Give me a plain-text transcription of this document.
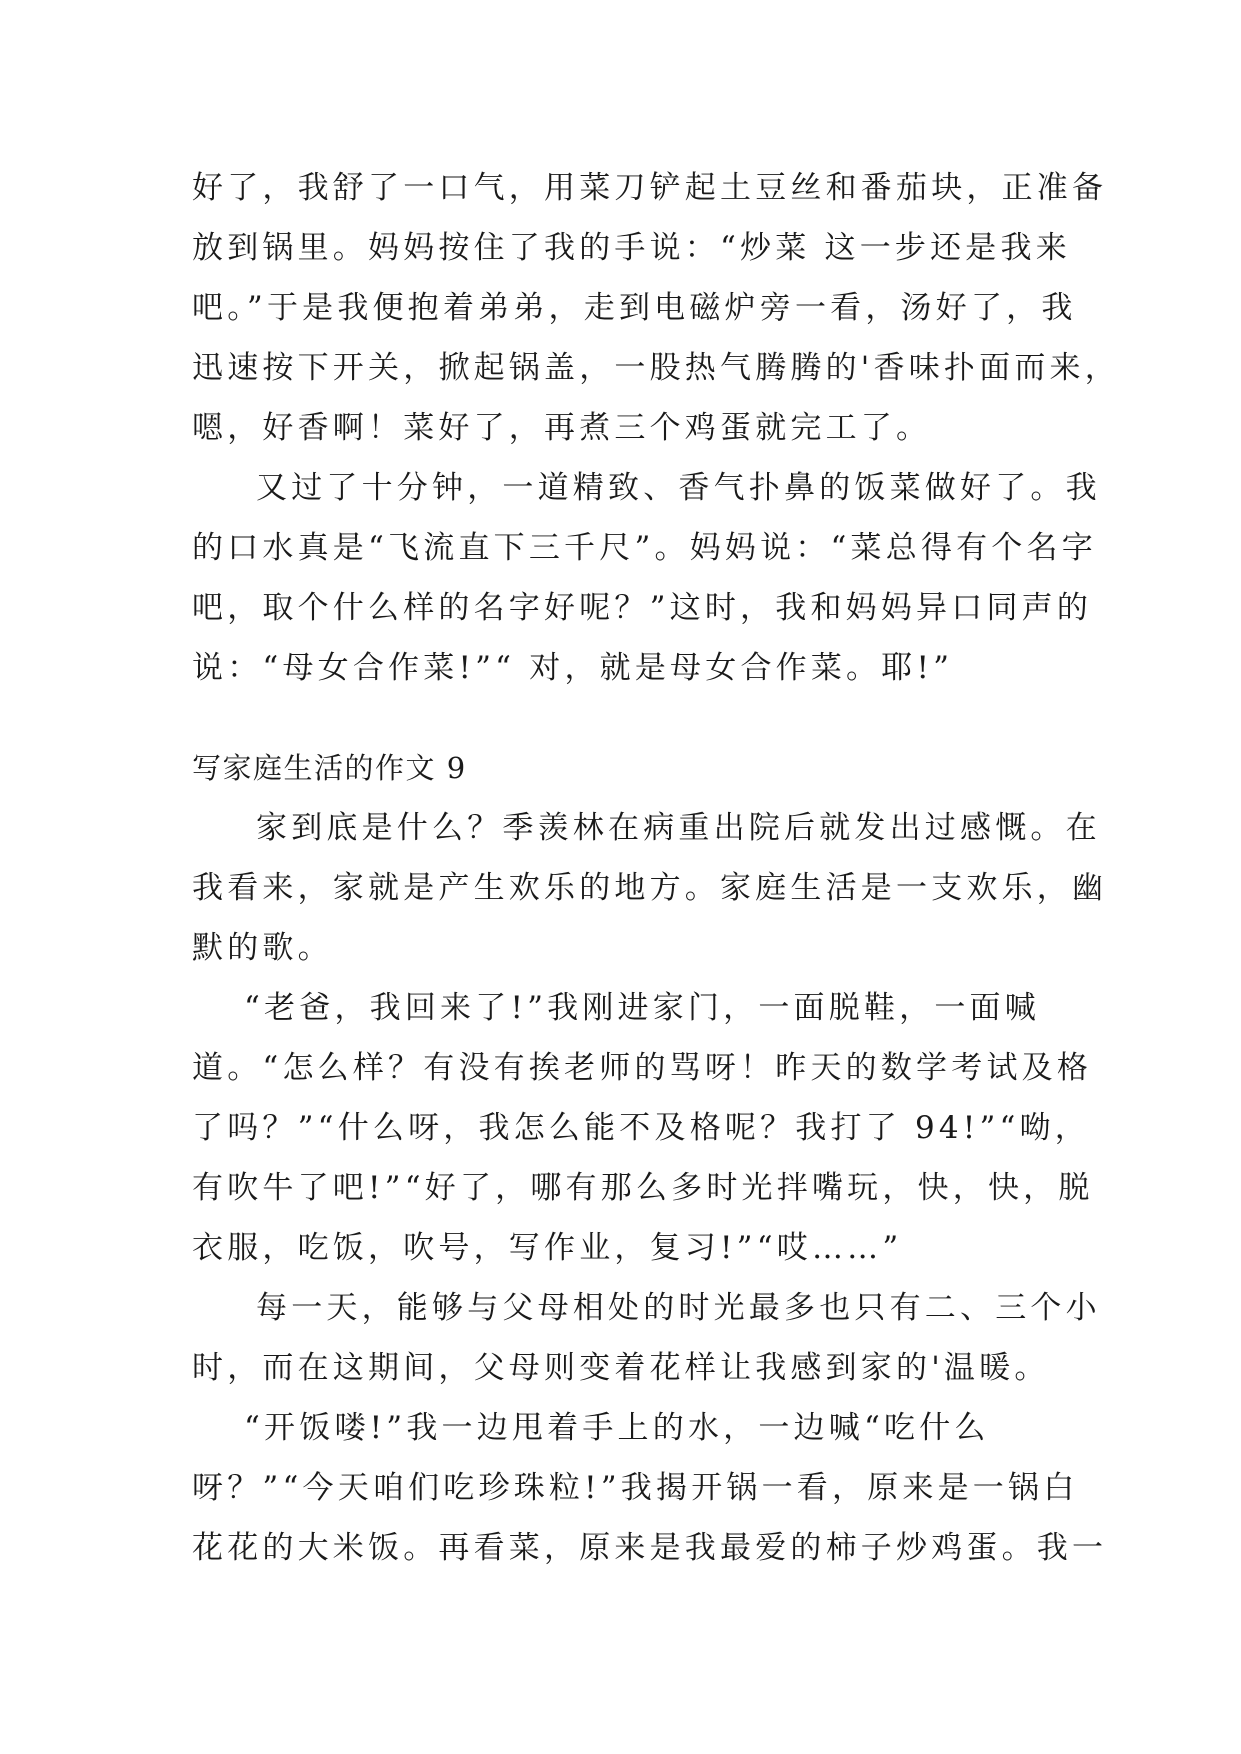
好了，我舒了一口气，用菜刀铲起土豆丝和番茄块，正准备
放到锅里。妈妈按住了我的手说：“炒菜 这一步还是我来
吧。”于是我便抱着弟弟，走到电磁炉旁一看，汤好了，我
迅速按下开关，掀起锅盖，一股热气腾腾的'香味扑面而来，
嗯，好香啊！菜好了，再煮三个鸡蛋就完工了。
又过了十分钟，一道精致、香气扑鼻的饭菜做好了。我
的口水真是“飞流直下三千尺”。妈妈说：“菜总得有个名字
吧，取个什么样的名字好呢？”这时，我和妈妈异口同声的
说：“母女合作菜!”“ 对，就是母女合作菜。耶!”
写家庭生活的作文 9
家到底是什么？季羡林在病重出院后就发出过感慨。在
我看来，家就是产生欢乐的地方。家庭生活是一支欢乐，幽
默的歌。
“老爸，我回来了!”我刚进家门，一面脱鞋，一面喊
道。“怎么样？有没有挨老师的骂呀！昨天的数学考试及格
了吗？”“什么呀，我怎么能不及格呢？我打了 94!”“呦，
有吹牛了吧!”“好了，哪有那么多时光拌嘴玩，快，快，脱
衣服，吃饭，吹号，写作业，复习!”“哎……”
每一天，能够与父母相处的时光最多也只有二、三个小
时，而在这期间，父母则变着花样让我感到家的'温暖。
“开饭喽!”我一边甩着手上的水，一边喊“吃什么
呀？”“今天咱们吃珍珠粒!”我揭开锅一看，原来是一锅白
花花的大米饭。再看菜，原来是我最爱的柿子炒鸡蛋。我一
